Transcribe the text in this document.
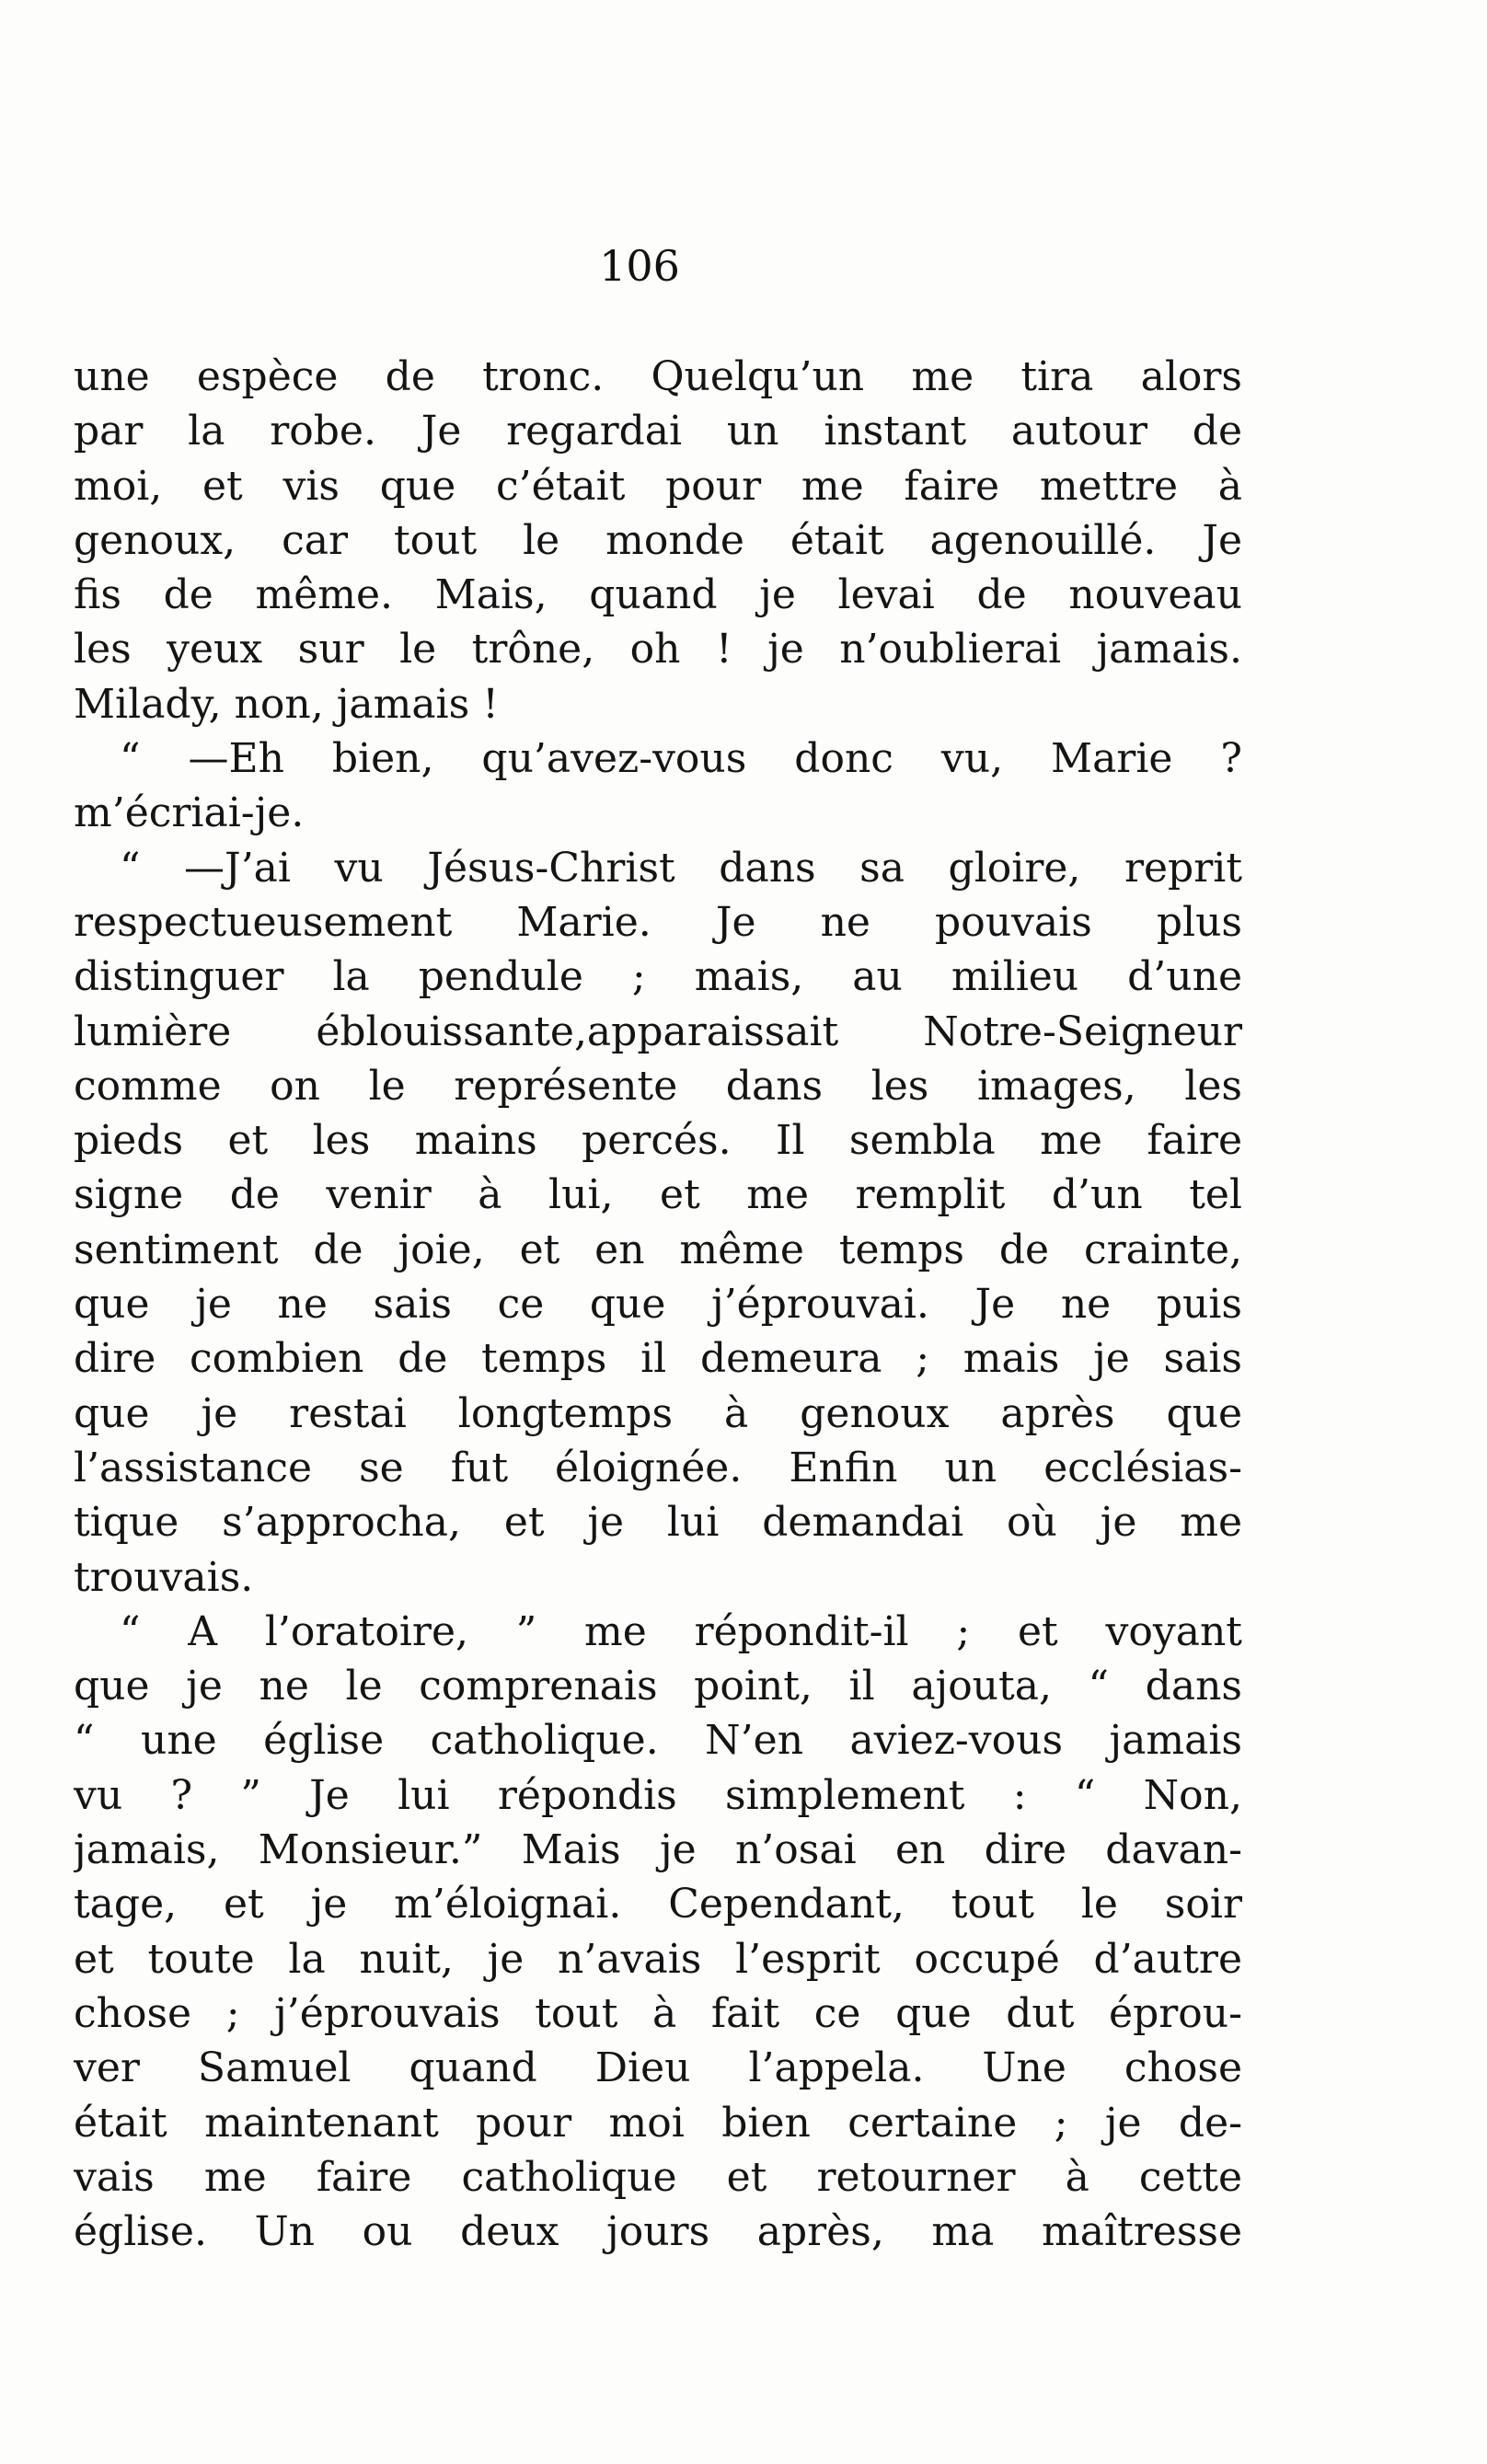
106
une espèce de tronc. Quelqu’un me tira alors
par la robe. Je regardai un instant autour de
moi, et vis que c’était pour me faire mettre à
genoux, car tout le monde était agenouillé. Je
fis de même. Mais, quand je levai de nouveau
les yeux sur le trône, oh ! je n’oublierai jamais.
Milady, non, jamais !
“ —Eh bien, qu’avez-vous donc vu, Marie ?
m’écriai-je.
“ —J’ai vu Jésus-Christ dans sa gloire, reprit
respectueusement Marie. Je ne pouvais plus
distinguer la pendule ; mais, au milieu d’une
lumière éblouissante,apparaissait Notre-Seigneur
comme on le représente dans les images, les
pieds et les mains percés. Il sembla me faire
signe de venir à lui, et me remplit d’un tel
sentiment de joie, et en même temps de crainte,
que je ne sais ce que j’éprouvai. Je ne puis
dire combien de temps il demeura ; mais je sais
que je restai longtemps à genoux après que
l’assistance se fut éloignée. Enfin un ecclésias-
tique s’approcha, et je lui demandai où je me
trouvais.
“ A l’oratoire, ” me répondit-il ; et voyant
que je ne le comprenais point, il ajouta, “ dans
“ une église catholique. N’en aviez-vous jamais
vu ? ” Je lui répondis simplement : “ Non,
jamais, Monsieur.” Mais je n’osai en dire davan-
tage, et je m’éloignai. Cependant, tout le soir
et toute la nuit, je n’avais l’esprit occupé d’autre
chose ; j’éprouvais tout à fait ce que dut éprou-
ver Samuel quand Dieu l’appela. Une chose
était maintenant pour moi bien certaine ; je de-
vais me faire catholique et retourner à cette
église. Un ou deux jours après, ma maîtresse
